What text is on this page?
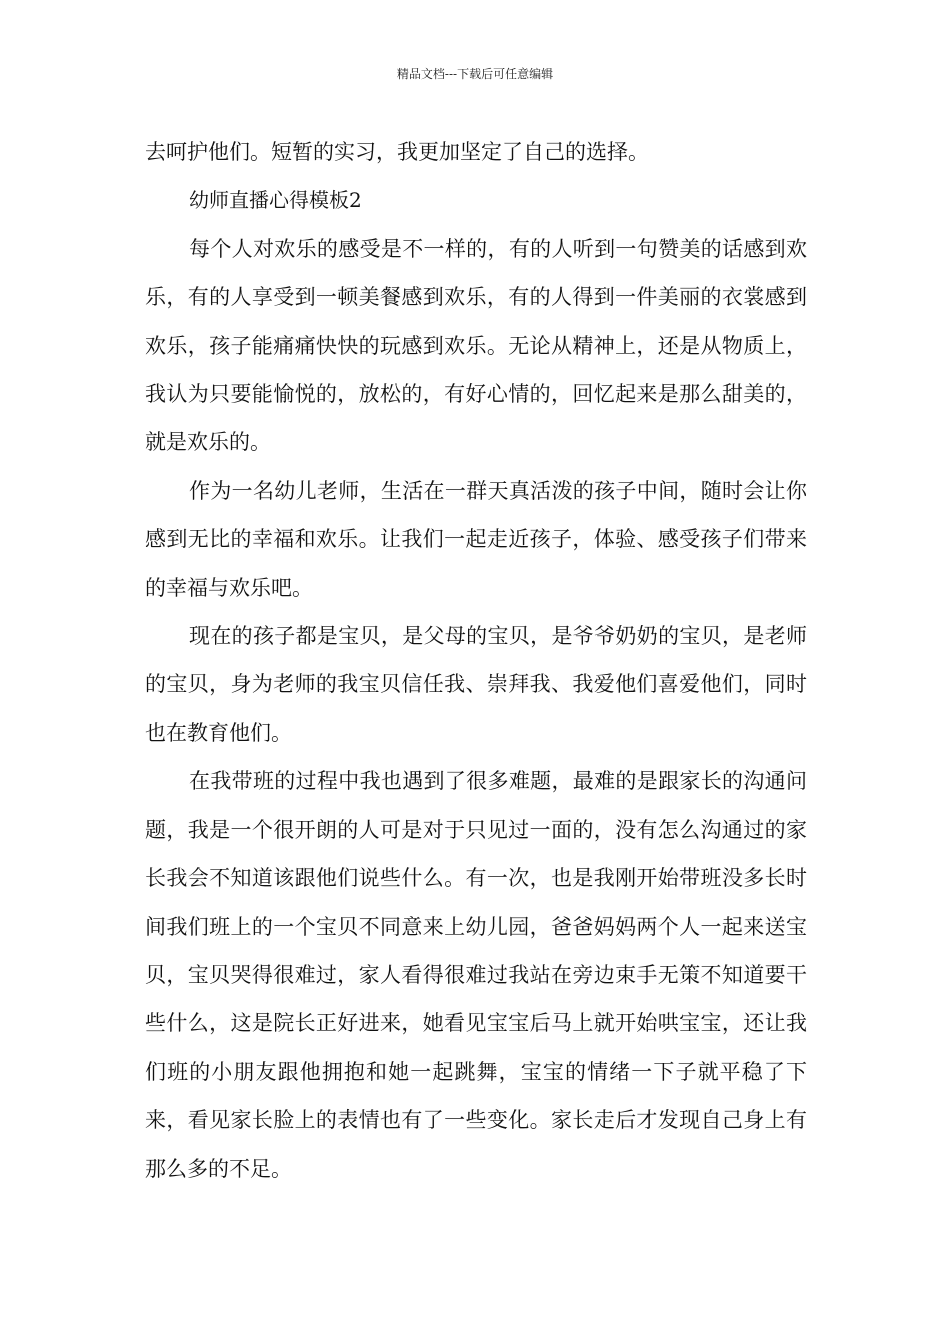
精品文档---下载后可任意编辑

去呵护他们。短暂的实习，我更加坚定了自己的选择。

幼师直播心得模板2

每个人对欢乐的感受是不一样的，有的人听到一句赞美的话感到欢乐，有的人享受到一顿美餐感到欢乐，有的人得到一件美丽的衣裳感到欢乐，孩子能痛痛快快的玩感到欢乐。无论从精神上，还是从物质上，我认为只要能愉悦的，放松的，有好心情的，回忆起来是那么甜美的，就是欢乐的。

作为一名幼儿老师，生活在一群天真活泼的孩子中间，随时会让你感到无比的幸福和欢乐。让我们一起走近孩子，体验、感受孩子们带来的幸福与欢乐吧。

现在的孩子都是宝贝，是父母的宝贝，是爷爷奶奶的宝贝，是老师的宝贝，身为老师的我宝贝信任我、崇拜我、我爱他们喜爱他们，同时也在教育他们。

在我带班的过程中我也遇到了很多难题，最难的是跟家长的沟通问题，我是一个很开朗的人可是对于只见过一面的，没有怎么沟通过的家长我会不知道该跟他们说些什么。有一次，也是我刚开始带班没多长时间我们班上的一个宝贝不同意来上幼儿园，爸爸妈妈两个人一起来送宝贝，宝贝哭得很难过，家人看得很难过我站在旁边束手无策不知道要干些什么，这是院长正好进来，她看见宝宝后马上就开始哄宝宝，还让我们班的小朋友跟他拥抱和她一起跳舞，宝宝的情绪一下子就平稳了下来，看见家长脸上的表情也有了一些变化。家长走后才发现自己身上有那么多的不足。
